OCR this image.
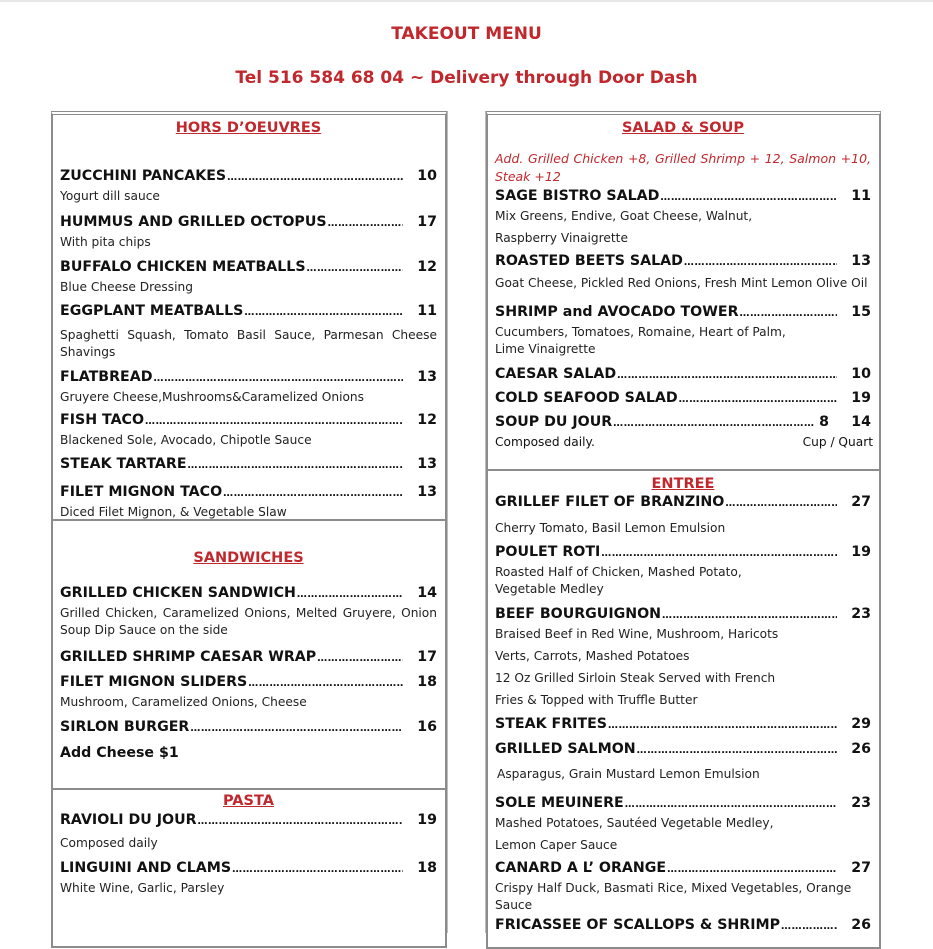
TAKEOUT MENU
Tel 516 584 68 04 ~ Delivery through Door Dash
HORS D’OEUVRES
ZUCCHINI PANCAKES ……………………………………………………………………………………………………………………………………	10
Yogurt dill sauce
HUMMUS AND GRILLED OCTOPUS ……………………………………………………………………………………………………………………………………	17
With pita chips
BUFFALO CHICKEN MEATBALLS ……………………………………………………………………………………………………………………………………	12
Blue Cheese Dressing
EGGPLANT MEATBALLS ……………………………………………………………………………………………………………………………………	11
Spaghetti Squash, Tomato Basil Sauce, Parmesan Cheese Shavings
FLATBREAD ……………………………………………………………………………………………………………………………………	13
Gruyere Cheese,Mushrooms&Caramelized Onions
FISH TACO ……………………………………………………………………………………………………………………………………	12
Blackened Sole, Avocado, Chipotle Sauce
STEAK TARTARE ……………………………………………………………………………………………………………………………………	13
FILET MIGNON TACO ……………………………………………………………………………………………………………………………………	13
Diced Filet Mignon, & Vegetable Slaw
SANDWICHES
GRILLED CHICKEN SANDWICH ……………………………………………………………………………………………………………………………………	14
Grilled Chicken, Caramelized Onions, Melted Gruyere, Onion Soup Dip Sauce on the side
GRILLED SHRIMP CAESAR WRAP ……………………………………………………………………………………………………………………………………	17
FILET MIGNON SLIDERS ……………………………………………………………………………………………………………………………………	18
Mushroom, Caramelized Onions, Cheese
SIRLON BURGER ……………………………………………………………………………………………………………………………………	16
Add Cheese $1
PASTA
RAVIOLI DU JOUR ……………………………………………………………………………………………………………………………………	19
Composed daily
LINGUINI AND CLAMS ……………………………………………………………………………………………………………………………………	18
White Wine, Garlic, Parsley
SALAD & SOUP
Add. Grilled Chicken +8, Grilled Shrimp + 12, Salmon +10, Steak +12
SAGE BISTRO SALAD ……………………………………………………………………………………………………………………………………	11
Mix Greens, Endive, Goat Cheese, Walnut,
Raspberry Vinaigrette
ROASTED BEETS SALAD ……………………………………………………………………………………………………………………………………	13
Goat Cheese, Pickled Red Onions, Fresh Mint Lemon Olive Oil
SHRIMP and AVOCADO TOWER ……………………………………………………………………………………………………………………………………	15
Cucumbers, Tomatoes, Romaine, Heart of Palm, Lime Vinaigrette
CAESAR SALAD ……………………………………………………………………………………………………………………………………	10
COLD SEAFOOD SALAD ……………………………………………………………………………………………………………………………………	19
SOUP DU JOUR ……………………………………………………………………………………………………………………………………	8	14
Composed daily.	Cup / Quart
ENTREE
GRILLEF FILET OF BRANZINO ……………………………………………………………………………………………………………………………………	27
Cherry Tomato, Basil Lemon Emulsion
POULET ROTI ……………………………………………………………………………………………………………………………………	19
Roasted Half of Chicken, Mashed Potato, Vegetable Medley
BEEF BOURGUIGNON ……………………………………………………………………………………………………………………………………	23
Braised Beef in Red Wine, Mushroom, Haricots
Verts, Carrots, Mashed Potatoes
12 Oz Grilled Sirloin Steak Served with French
Fries & Topped with Truffle Butter
STEAK FRITES ……………………………………………………………………………………………………………………………………	29
GRILLED SALMON ……………………………………………………………………………………………………………………………………	26
Asparagus, Grain Mustard Lemon Emulsion
SOLE MEUINERE ……………………………………………………………………………………………………………………………………	23
Mashed Potatoes, Sautéed Vegetable Medley,
Lemon Caper Sauce
CANARD A L’ ORANGE ……………………………………………………………………………………………………………………………………	27
Crispy Half Duck, Basmati Rice, Mixed Vegetables, Orange Sauce
FRICASSEE OF SCALLOPS & SHRIMP ……………………………………………………………………………………………………………………………………	26
